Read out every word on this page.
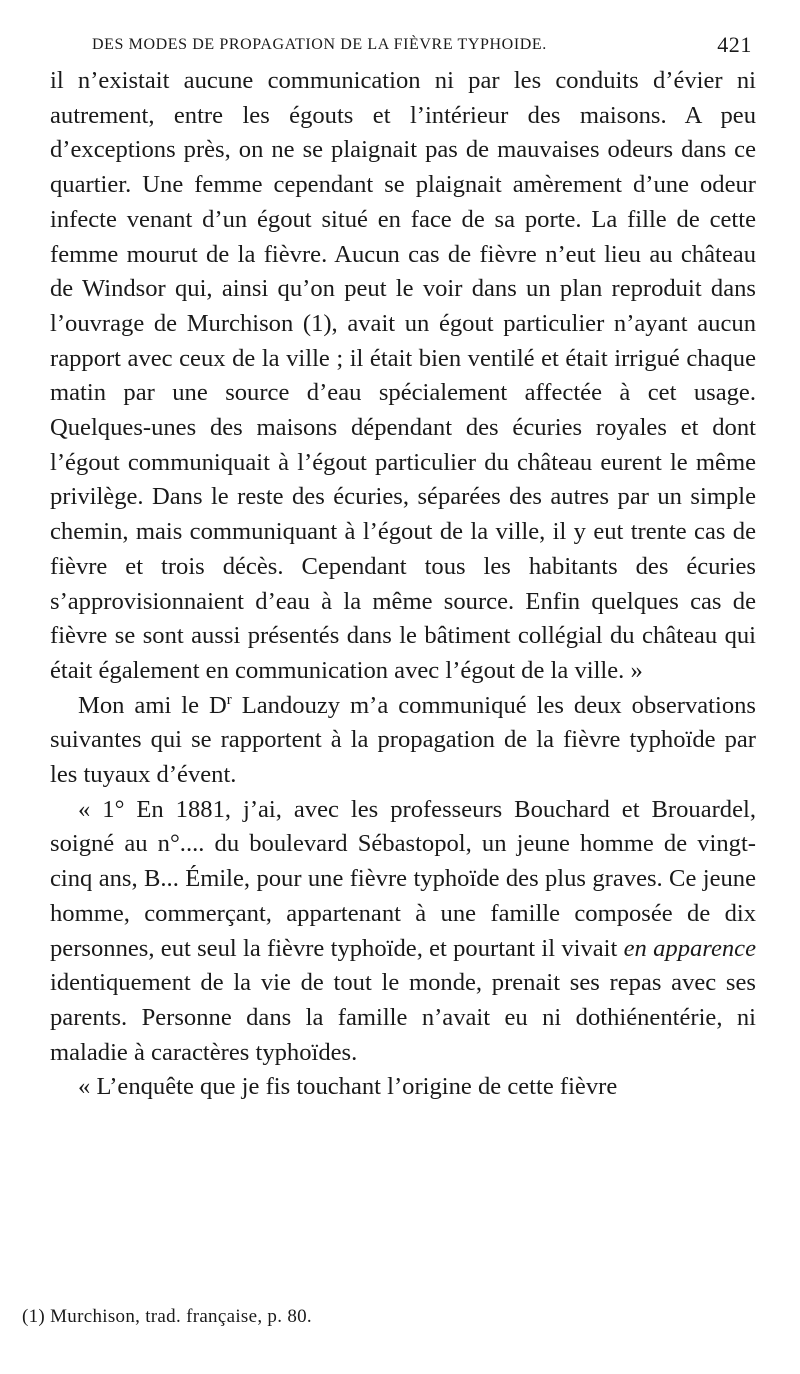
DES MODES DE PROPAGATION DE LA FIÈVRE TYPHOIDE.	421

il n’existait aucune communication ni par les conduits d’évier ni autrement, entre les égouts et l’intérieur des maisons. A peu d’exceptions près, on ne se plaignait pas de mauvaises odeurs dans ce quartier. Une femme cependant se plaignait amèrement d’une odeur infecte venant d’un égout situé en face de sa porte. La fille de cette femme mourut de la fièvre. Aucun cas de fièvre n’eut lieu au château de Windsor qui, ainsi qu’on peut le voir dans un plan reproduit dans l’ouvrage de Murchison (1), avait un égout particulier n’ayant aucun rapport avec ceux de la ville ; il était bien ventilé et était irrigué chaque matin par une source d’eau spécialement affectée à cet usage. Quelques-unes des maisons dépendant des écuries royales et dont l’égout communiquait à l’égout particulier du château eurent le même privilège. Dans le reste des écuries, séparées des autres par un simple chemin, mais communiquant à l’égout de la ville, il y eut trente cas de fièvre et trois décès. Cependant tous les habitants des écuries s’approvisionnaient d’eau à la même source. Enfin quelques cas de fièvre se sont aussi présentés dans le bâtiment collégial du château qui était également en communication avec l’égout de la ville. »

Mon ami le $D^r$ Landouzy m’a communiqué les deux observations suivantes qui se rapportent à la propagation de la fièvre typhoïde par les tuyaux d’évent.

« 1° En 1881, j’ai, avec les professeurs Bouchard et Brouardel, soigné au n°.... du boulevard Sébastopol, un jeune homme de vingt-cinq ans, B... Émile, pour une fièvre typhoïde des plus graves. Ce jeune homme, commerçant, appartenant à une famille composée de dix personnes, eut seul la fièvre typhoïde, et pourtant il vivait en apparence identiquement de la vie de tout le monde, prenait ses repas avec ses parents. Personne dans la famille n’avait eu ni dothiénentérie, ni maladie à caractères typhoïdes.

« L’enquête que je fis touchant l’origine de cette fièvre

(1) Murchison, trad. française, p. 80.
